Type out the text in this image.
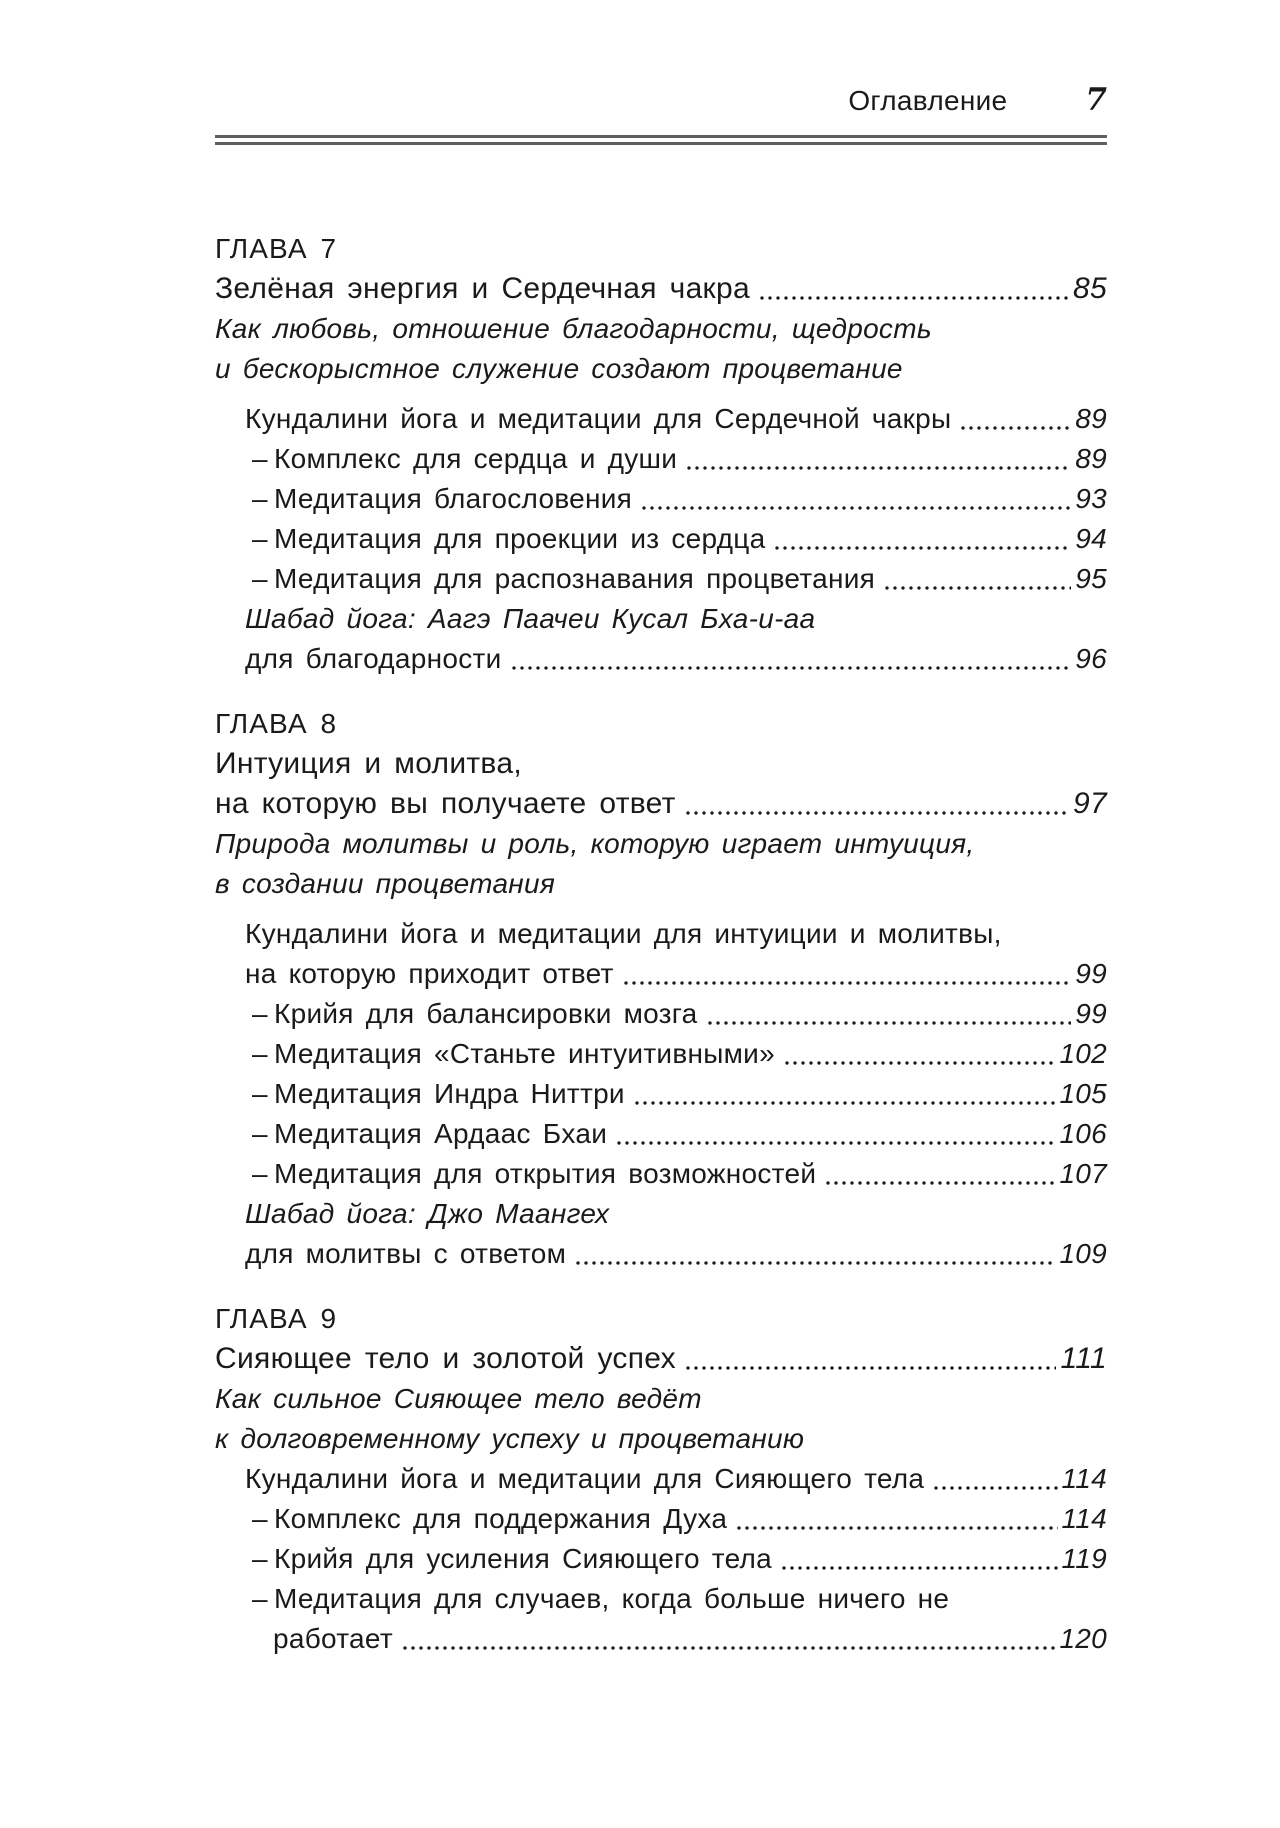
Оглавление	7
ГЛАВА 7
Зелёная энергия и Сердечная чакра	85
Как любовь, отношение благодарности, щедрость
и бескорыстное служение создают процветание
Кундалини йога и медитации для Сердечной чакры	89
– Комплекс для сердца и души	89
– Медитация благословения	93
– Медитация для проекции из сердца	94
– Медитация для распознавания процветания	95
Шабад йога: Аагэ Паачеи Кусал Бха-и-аа
для благодарности	96
ГЛАВА 8
Интуиция и молитва,
на которую вы получаете ответ	97
Природа молитвы и роль, которую играет интуиция,
в создании процветания
Кундалини йога и медитации для интуиции и молитвы,
на которую приходит ответ	99
– Крийя для балансировки мозга	99
– Медитация «Станьте интуитивными»	102
– Медитация Индра Ниттри	105
– Медитация Ардаас Бхаи	106
– Медитация для открытия возможностей	107
Шабад йога: Джо Маангех
для молитвы с ответом	109
ГЛАВА 9
Сияющее тело и золотой успех	111
Как сильное Сияющее тело ведёт
к долговременному успеху и процветанию
Кундалини йога и медитации для Сияющего тела	114
– Комплекс для поддержания Духа	114
– Крийя для усиления Сияющего тела	119
– Медитация для случаев, когда больше ничего не
работает	120
